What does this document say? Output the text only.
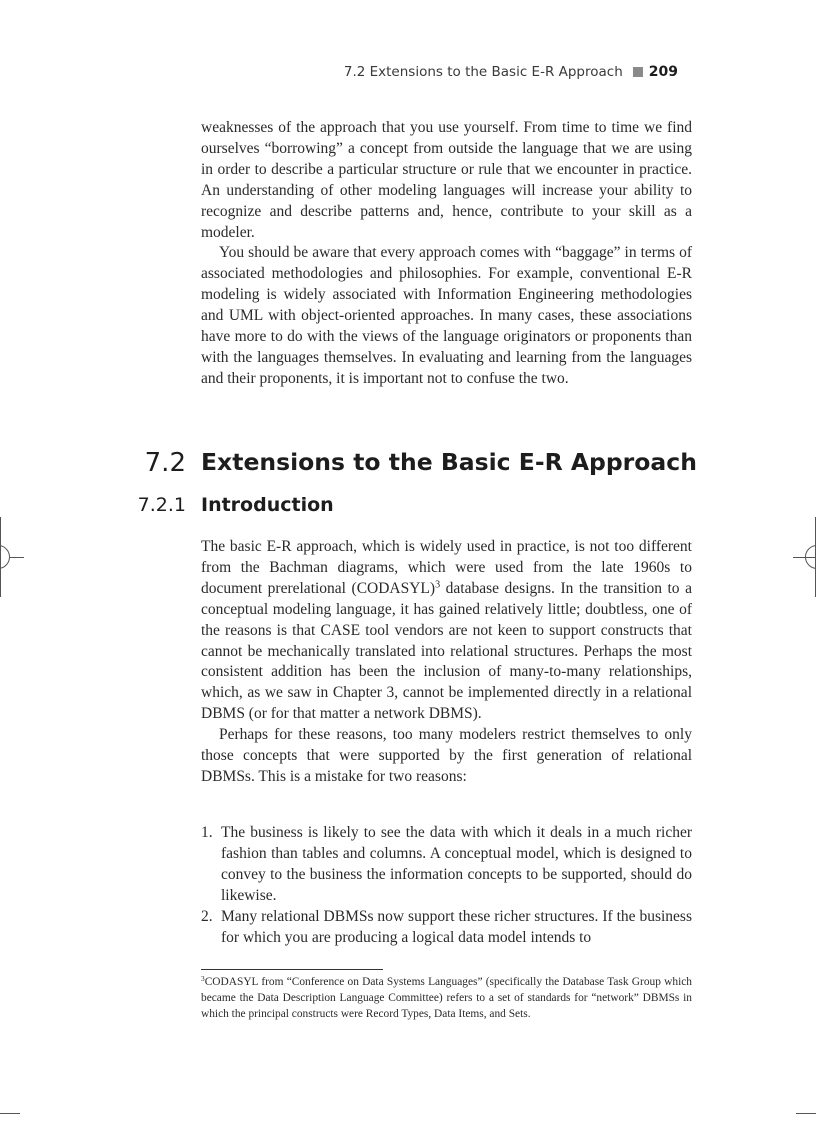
7.2 Extensions to the Basic E-R Approach 209

weaknesses of the approach that you use yourself. From time to time we find ourselves “borrowing” a concept from outside the language that we are using in order to describe a particular structure or rule that we encounter in practice. An understanding of other modeling languages will increase your ability to recognize and describe patterns and, hence, contribute to your skill as a modeler.

You should be aware that every approach comes with “baggage” in terms of associated methodologies and philosophies. For example, conventional E-R modeling is widely associated with Information Engineering methodologies and UML with object-oriented approaches. In many cases, these associations have more to do with the views of the language originators or proponents than with the languages themselves. In evaluating and learning from the languages and their proponents, it is important not to confuse the two.

7.2 Extensions to the Basic E-R Approach
7.2.1 Introduction

The basic E-R approach, which is widely used in practice, is not too different from the Bachman diagrams, which were used from the late 1960s to document prerelational (CODASYL)$^3$ database designs. In the transition to a conceptual modeling language, it has gained relatively little; doubtless, one of the reasons is that CASE tool vendors are not keen to support constructs that cannot be mechanically translated into relational structures. Perhaps the most consistent addition has been the inclusion of many-to-many relationships, which, as we saw in Chapter 3, cannot be implemented directly in a relational DBMS (or for that matter a network DBMS).

Perhaps for these reasons, too many modelers restrict themselves to only those concepts that were supported by the first generation of relational DBMSs. This is a mistake for two reasons:

1. The business is likely to see the data with which it deals in a much richer fashion than tables and columns. A conceptual model, which is designed to convey to the business the information concepts to be supported, should do likewise.
2. Many relational DBMSs now support these richer structures. If the business for which you are producing a logical data model intends to
$^3$CODASYL from “Conference on Data Systems Languages” (specifically the Database Task Group which became the Data Description Language Committee) refers to a set of standards for “network” DBMSs in which the principal constructs were Record Types, Data Items, and Sets.
